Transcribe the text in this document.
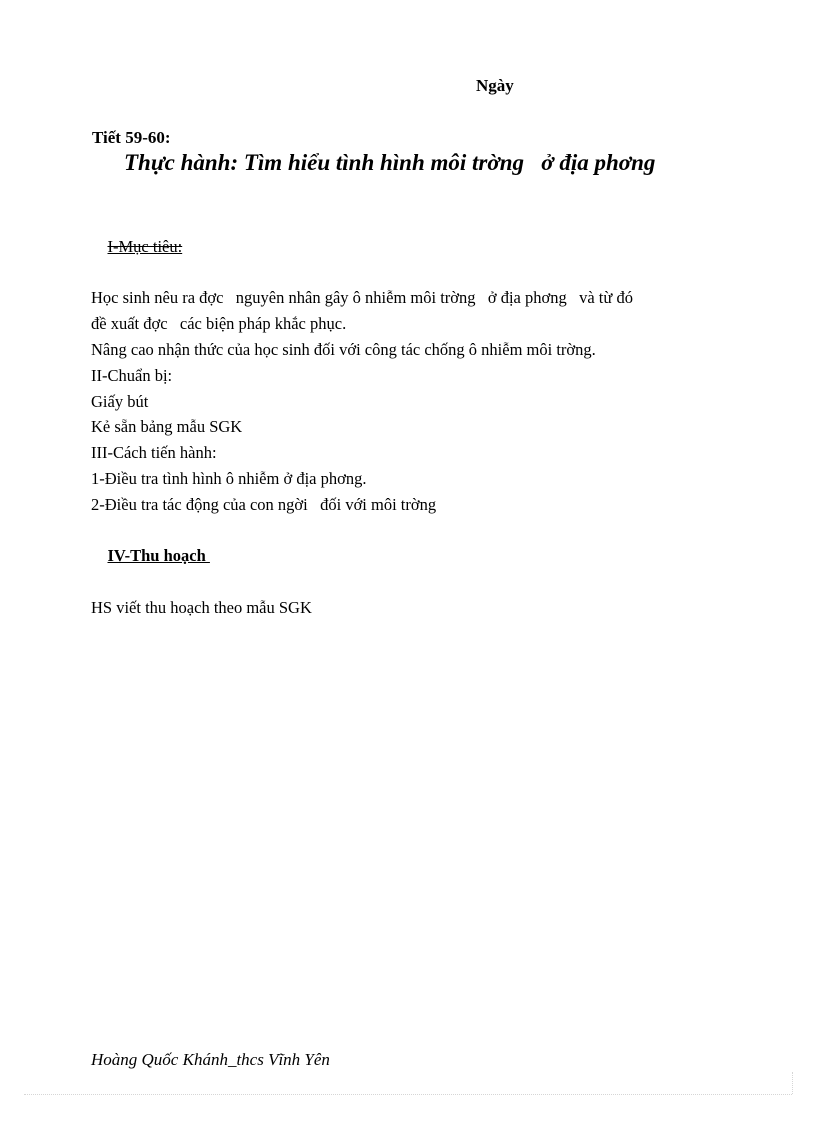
Ngày
Tiết 59-60:
Thực hành: Tìm hiểu tình hình môi trờng   ở địa phơng

I-Mục tiêu:

Học sinh nêu ra đợc   nguyên nhân gây ô nhiễm môi trờng   ở địa phơng   và từ đó
đề xuất đợc   các biện pháp khắc phục.
Nâng cao nhận thức của học sinh đối với công tác chống ô nhiễm môi trờng.
II-Chuẩn bị:
Giấy bút
Kẻ sẵn bảng mẫu SGK
III-Cách tiến hành:
1-Điều tra tình hình ô nhiễm ở địa phơng.
2-Điều tra tác động của con ngời   đối với môi trờng

IV-Thu hoạch

HS viết thu hoạch theo mẫu SGK
Hoàng Quốc Khánh_thcs Vĩnh Yên
